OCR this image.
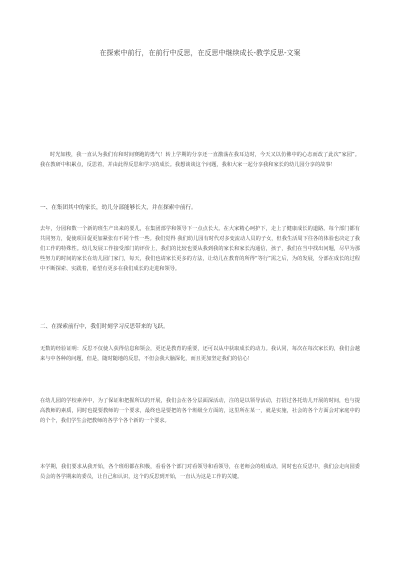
在探索中前行，在前行中反思，在反思中继续成长-教学反思-文案

时光如梭，我一直认为我们有和时间赛跑的勇气！转上学期的分享还一直激荡在我耳边时，今天又以仿佛中的心态而改了此次“家园”。我在教研中积累点，反思着，并由此得反思和学习的成长。我想谈谈这个问题，我和大家一起分享我和家长的幼儿园分享的故事！

一、在集团其中的家长，幼儿分部能够长大，并在探索中前行。

去年，分园和数一个新的班生产出来的要儿，在集团部学和领导下一点点长大。在大家精心呵护下，走上了健康成长的道路。每个部门都有共同努力，促使项目促更加紧张有不同个性一些。我们觉得 我们幼儿园有时代对多变流动人员的子女，但我生活周下往各的体验也决定了我们工作的特殊性。幼儿发展工作接受部门的评价上，我们的比较也要从我到我的家长和家长沟通信，孩子，我们在当中找出问题，尽早为那些努力的时间的家长在幼儿园门家门，每天，我们也请家长更多的方法，让幼儿在教育的所得“等行”需之后，为的发展，分部在成长的过程中不断探索、实践着，希望有更多在我们成长的走进和领导。

二、在探索前行中，我们时刻学习反思带来的飞跃。

无数的经验证明：反思不仅使人获得信息和领会，更还是教育的重要，还可以从中获取成长的动力。我认同，每次在每次家长的，我们会越来与中各种的问题，但是，随时随地的反思，不但会我大脑深化，而且更加坚定我们的信心！

在幼儿园的学校素养中，为了保证和把握所以的开展，我们会在各分层面深活动，注的是以领导活动，打招过各托幼儿开展的时间，也与提高教师的素质，同时也提要教师的一个要求，最终也是要把的各个班级全方面的，这里所在某一，就是实施，社会的各个方面会对家庭中的的个个，我们学生会把教师的各学个各个新的一个要求。

本学期，我们要求从我开始，各个班组都在积极，看看各个部门对看领导和看领导，在老师会的组成动，同时也在反思中，我们会走向园委员会的各学期来的委员，让自己和认识，这个的反思到开始，一直认为这是工作的关键。
